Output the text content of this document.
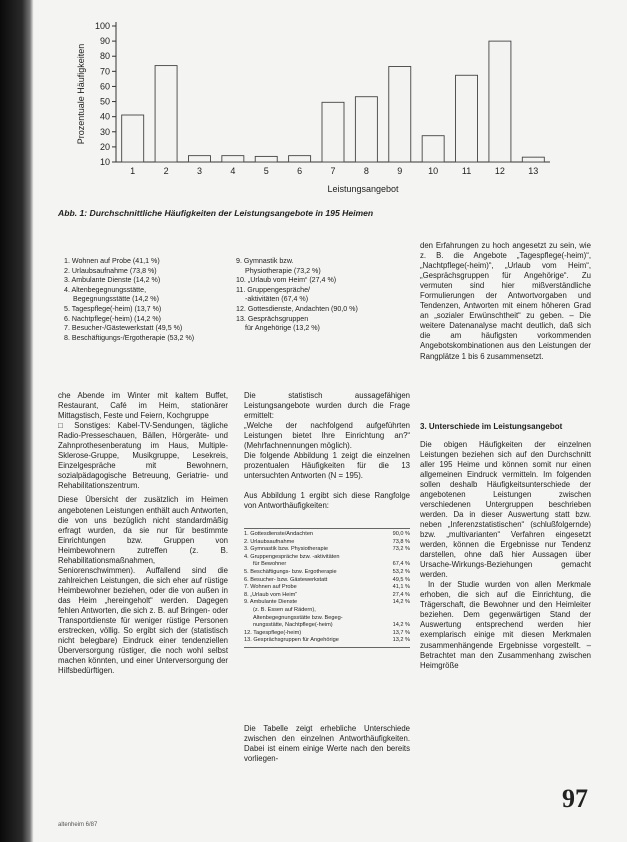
10
20
30
40
50
60
70
80
90
100
Prozentuale Häufigkeiten
1	2	3	4	5	6	7	8	9	10	11	12	13
Leistungsangebot
Abb. 1: Durchschnittliche Häufigkeiten der Leistungsangebote in 195 Heimen
1. Wohnen auf Probe (41,1 %)
2. Urlaubsaufnahme (73,8 %)
3. Ambulante Dienste (14,2 %)
4. Altenbegegnungsstätte,
Begegnungsstätte (14,2 %)
5. Tagespflege(-heim) (13,7 %)
6. Nachtpflege(-heim) (14,2 %)
7. Besucher-/Gästewerkstatt (49,5 %)
8. Beschäftigungs-/Ergotherapie (53,2 %)
9. Gymnastik bzw.
Physiotherapie (73,2 %)
10. „Urlaub vom Heim“ (27,4 %)
11. Gruppengespräche/
-aktivitäten (67,4 %)
12. Gottesdienste, Andachten (90,0 %)
13. Gesprächsgruppen
für Angehörige (13,2 %)

che Abende im Winter mit kaltem Buffet, Restaurant, Café im Heim, stationärer Mittagstisch, Feste und Feiern, Kochgruppe

□ Sonstiges: Kabel-TV-Sendungen, tägliche Radio-Presseschauen, Bällen, Hörgeräte- und Zahnprothesenberatung im Haus, Multiple-Sklerose-Gruppe, Musikgruppe, Lesekreis, Einzelgespräche mit Bewohnern, sozialpädagogische Betreuung, Geriatrie- und Rehabilitationszentrum.

Diese Übersicht der zusätzlich im Heimen angebotenen Leistungen enthält auch Antworten, die von uns bezüglich nicht standardmäßig erfragt wurden, da sie nur für bestimmte Einrichtungen bzw. Gruppen von Heimbewohnern zutreffen (z. B. Rehabilitationsmaßnahmen, Seniorenschwimmen). Auffallend sind die zahlreichen Leistungen, die sich eher auf rüstige Heimbewohner beziehen, oder die von außen in das Heim „hereingeholt“ werden. Dagegen fehlen Antworten, die sich z. B. auf Bringen- oder Transportdienste für weniger rüstige Personen erstrecken, völlig. So ergibt sich der (statistisch nicht belegbare) Eindruck einer tendenziellen Überversorgung rüstiger, die noch wohl selbst machen könnten, und einer Unterversorgung der Hilfsbedürftigen.

Die statistisch aussagefähigen Leistungsangebote wurden durch die Frage ermittelt:

„Welche der nachfolgend aufgeführten Leistungen bietet Ihre Einrichtung an?“ (Mehrfachnennungen möglich).

Die folgende Abbildung 1 zeigt die einzelnen prozentualen Häufigkeiten für die 13 untersuchten Antworten (N = 195).

Aus Abbildung 1 ergibt sich diese Rangfolge von Antworthäufigkeiten:

1. Gottesdienste/Andachten	90,0 %
2. Urlaubsaufnahme	73,8 %
3. Gymnastik bzw. Physiotherapie	73,2 %
4. Gruppengespräche bzw. -aktivitäten
für Bewohner	67,4 %
5. Beschäftigungs- bzw. Ergotherapie	53,2 %
6. Besucher- bzw. Gästewerkstatt	49,5 %
7. Wohnen auf Probe	41,1 %
8. „Urlaub vom Heim“	27,4 %
9. Ambulante Dienste	14,2 %
(z. B. Essen auf Rädern),
Altenbegegnungsstätte bzw. Begeg-
nungsstätte, Nachtpflege(-heim)	14,2 %
12. Tagespflege(-heim)	13,7 %
13. Gesprächsgruppen für Angehörige	13,2 %

Die Tabelle zeigt erhebliche Unterschiede zwischen den einzelnen Antworthäufigkeiten. Dabei ist einem einige Werte nach den bereits vorliegen-

den Erfahrungen zu hoch angesetzt zu sein, wie z. B. die Angebote „Tagespflege(-heim)“, „Nachtpflege(-heim)“, „Urlaub vom Heim“, „Gesprächsgruppen für Angehörige“. Zu vermuten sind hier mißverständliche Formulierungen der Antwortvorgaben und Tendenzen, Antworten mit einem höheren Grad an „sozialer Erwünschtheit“ zu geben. – Die weitere Datenanalyse macht deutlich, daß sich die am häufigsten vorkommenden Angebotskombinationen aus den Leistungen der Rangplätze 1 bis 6 zusammensetzt.

3. Unterschiede im Leistungsangebot

Die obigen Häufigkeiten der einzelnen Leistungen beziehen sich auf den Durchschnitt aller 195 Heime und können somit nur einen allgemeinen Eindruck vermitteln. Im folgenden sollen deshalb Häufigkeitsunterschiede der angebotenen Leistungen zwischen verschiedenen Untergruppen beschrieben werden. Da in dieser Auswertung statt bzw. neben „Inferenzstatistischen“ (schlußfolgernde) bzw. „multivarianten“ Verfahren eingesetzt werden, können die Ergebnisse nur Tendenz darstellen, ohne daß hier Aussagen über Ursache-Wirkungs-Beziehungen gemacht werden.

In der Studie wurden von allen Merkmale erhoben, die sich auf die Einrichtung, die Trägerschaft, die Bewohner und den Heimleiter beziehen. Dem gegenwärtigen Stand der Auswertung entsprechend werden hier exemplarisch einige mit diesen Merkmalen zusammenhängende Ergebnisse vorgestellt. – Betrachtet man den Zusammenhang zwischen Heimgröße

97
altenheim 6/87
